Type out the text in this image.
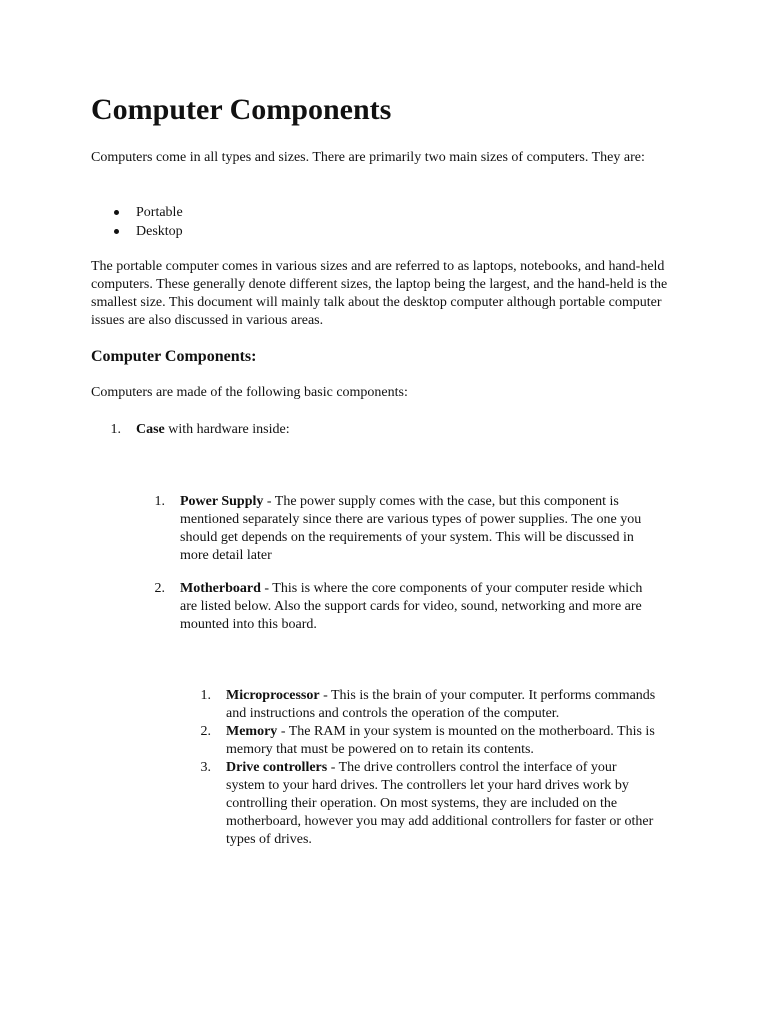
Computer Components

Computers come in all types and sizes. There are primarily two main sizes of computers. They are:

Portable
Desktop

The portable computer comes in various sizes and are referred to as laptops, notebooks, and hand-held computers. These generally denote different sizes, the laptop being the largest, and the hand-held is the smallest size. This document will mainly talk about the desktop computer although portable computer issues are also discussed in various areas.

Computer Components:

Computers are made of the following basic components:

1. Case with hardware inside:
1. Power Supply - The power supply comes with the case, but this component is mentioned separately since there are various types of power supplies. The one you should get depends on the requirements of your system. This will be discussed in more detail later
2. Motherboard - This is where the core components of your computer reside which are listed below. Also the support cards for video, sound, networking and more are mounted into this board.
1. Microprocessor - This is the brain of your computer. It performs commands and instructions and controls the operation of the computer.
2. Memory - The RAM in your system is mounted on the motherboard. This is memory that must be powered on to retain its contents.
3. Drive controllers - The drive controllers control the interface of your system to your hard drives. The controllers let your hard drives work by controlling their operation. On most systems, they are included on the motherboard, however you may add additional controllers for faster or other types of drives.
